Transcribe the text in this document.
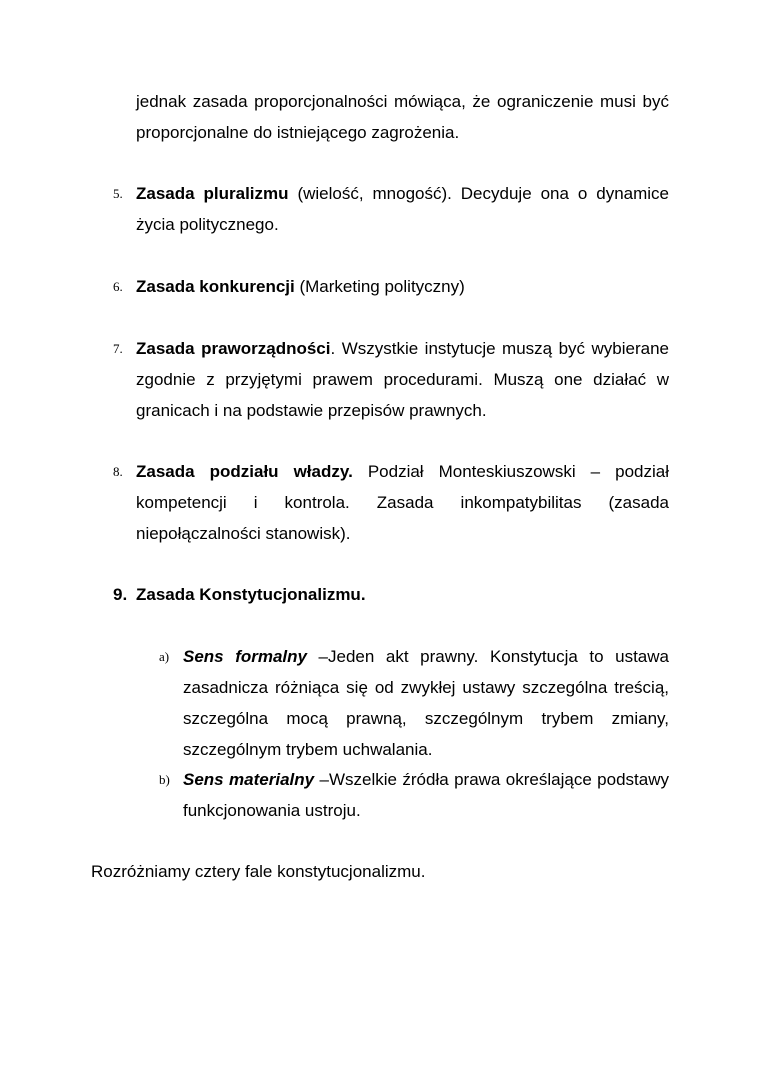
jednak zasada proporcjonalności mówiąca, że ograniczenie musi być proporcjonalne do istniejącego zagrożenia.
5. Zasada pluralizmu (wielość, mnogość). Decyduje ona o dynamice życia politycznego.
6. Zasada konkurencji (Marketing polityczny)
7. Zasada praworządności. Wszystkie instytucje muszą być wybierane zgodnie z przyjętymi prawem procedurami. Muszą one działać w granicach i na podstawie przepisów prawnych.
8. Zasada podziału władzy. Podział Monteskiuszowski – podział kompetencji i kontrola. Zasada inkompatybilitas (zasada niepołączalności stanowisk).
9. Zasada Konstytucjonalizmu.
a) Sens formalny –Jeden akt prawny. Konstytucja to ustawa zasadnicza różniąca się od zwykłej ustawy szczególna treścią, szczególna mocą prawną, szczególnym trybem zmiany, szczególnym trybem uchwalania.
b) Sens materialny –Wszelkie źródła prawa określające podstawy funkcjonowania ustroju.
Rozróżniamy cztery fale konstytucjonalizmu.
